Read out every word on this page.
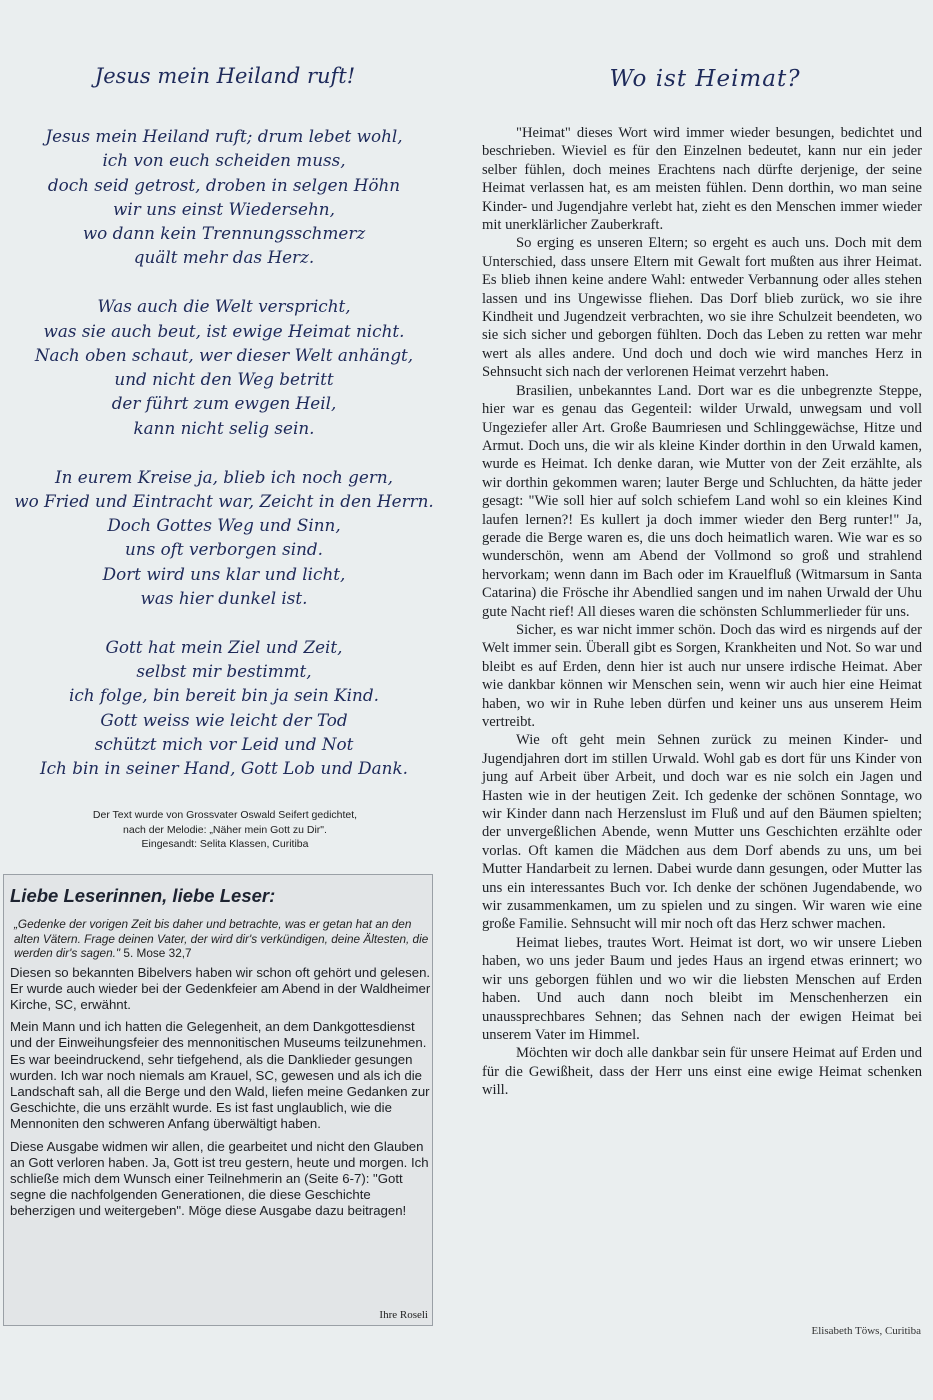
Jesus mein Heiland ruft!
Jesus mein Heiland ruft; drum lebet wohl,
ich von euch scheiden muss,
doch seid getrost, droben in selgen Höhn
wir uns einst Wiedersehn,
wo dann kein Trennungsschmerz
quält mehr das Herz.
Was auch die Welt verspricht,
was sie auch beut, ist ewige Heimat nicht.
Nach oben schaut, wer dieser Welt anhängt,
und nicht den Weg betritt
der führt zum ewgen Heil,
kann nicht selig sein.
In eurem Kreise ja, blieb ich noch gern,
wo Fried und Eintracht war, Zeicht in den Herrn.
Doch Gottes Weg und Sinn,
uns oft verborgen sind.
Dort wird uns klar und licht,
was hier dunkel ist.
Gott hat mein Ziel und Zeit,
selbst mir bestimmt,
ich folge, bin bereit bin ja sein Kind.
Gott weiss wie leicht der Tod
schützt mich vor Leid und Not
Ich bin in seiner Hand, Gott Lob und Dank.
Der Text wurde von Grossvater Oswald Seifert gedichtet,
nach der Melodie: „Näher mein Gott zu Dir".
Eingesandt: Selita Klassen, Curitiba
Liebe Leserinnen, liebe Leser:
„Gedenke der vorigen Zeit bis daher und betrachte, was er getan hat an den alten Vätern. Frage deinen Vater, der wird dir's verkündigen, deine Ältesten, die werden dir's sagen." 5. Mose 32,7

Diesen so bekannten Bibelvers haben wir schon oft gehört und gelesen. Er wurde auch wieder bei der Gedenkfeier am Abend in der Waldheimer Kirche, SC, erwähnt.

Mein Mann und ich hatten die Gelegenheit, an dem Dankgottesdienst und der Einweihungsfeier des mennonitischen Museums teilzunehmen. Es war beeindruckend, sehr tiefgehend, als die Danklieder gesungen wurden. Ich war noch niemals am Krauel, SC, gewesen und als ich die Landschaft sah, all die Berge und den Wald, liefen meine Gedanken zur Geschichte, die uns erzählt wurde. Es ist fast unglaublich, wie die Mennoniten den schweren Anfang überwältigt haben.

Diese Ausgabe widmen wir allen, die gearbeitet und nicht den Glauben an Gott verloren haben. Ja, Gott ist treu gestern, heute und morgen. Ich schließe mich dem Wunsch einer Teilnehmerin an (Seite 6-7): "Gott segne die nachfolgenden Generationen, die diese Geschichte beherzigen und weitergeben". Möge diese Ausgabe dazu beitragen!

Ihre Roseli
Wo ist Heimat?

"Heimat" dieses Wort wird immer wieder besungen, bedichtet und beschrieben. Wieviel es für den Einzelnen bedeutet, kann nur ein jeder selber fühlen, doch meines Erachtens nach dürfte derjenige, der seine Heimat verlassen hat, es am meisten fühlen. Denn dorthin, wo man seine Kinder- und Jugendjahre verlebt hat, zieht es den Menschen immer wieder mit unerklärlicher Zauberkraft.

So erging es unseren Eltern; so ergeht es auch uns. Doch mit dem Unterschied, dass unsere Eltern mit Gewalt fort mußten aus ihrer Heimat. Es blieb ihnen keine andere Wahl: entweder Verbannung oder alles stehen lassen und ins Ungewisse fliehen. Das Dorf blieb zurück, wo sie ihre Kindheit und Jugendzeit verbrachten, wo sie ihre Schulzeit beendeten, wo sie sich sicher und geborgen fühlten. Doch das Leben zu retten war mehr wert als alles andere. Und doch und doch wie wird manches Herz in Sehnsucht sich nach der verlorenen Heimat verzehrt haben.

Brasilien, unbekanntes Land. Dort war es die unbegrenzte Steppe, hier war es genau das Gegenteil: wilder Urwald, unwegsam und voll Ungeziefer aller Art. Große Baumriesen und Schlinggewächse, Hitze und Armut. Doch uns, die wir als kleine Kinder dorthin in den Urwald kamen, wurde es Heimat. Ich denke daran, wie Mutter von der Zeit erzählte, als wir dorthin gekommen waren; lauter Berge und Schluchten, da hätte jeder gesagt: "Wie soll hier auf solch schiefem Land wohl so ein kleines Kind laufen lernen?! Es kullert ja doch immer wieder den Berg runter!" Ja, gerade die Berge waren es, die uns doch heimatlich waren. Wie war es so wunderschön, wenn am Abend der Vollmond so groß und strahlend hervorkam; wenn dann im Bach oder im Krauelfluß (Witmarsum in Santa Catarina) die Frösche ihr Abendlied sangen und im nahen Urwald der Uhu gute Nacht rief! All dieses waren die schönsten Schlummerlieder für uns.

Sicher, es war nicht immer schön. Doch das wird es nirgends auf der Welt immer sein. Überall gibt es Sorgen, Krankheiten und Not. So war und bleibt es auf Erden, denn hier ist auch nur unsere irdische Heimat. Aber wie dankbar können wir Menschen sein, wenn wir auch hier eine Heimat haben, wo wir in Ruhe leben dürfen und keiner uns aus unserem Heim vertreibt.

Wie oft geht mein Sehnen zurück zu meinen Kinder- und Jugendjahren dort im stillen Urwald. Wohl gab es dort für uns Kinder von jung auf Arbeit über Arbeit, und doch war es nie solch ein Jagen und Hasten wie in der heutigen Zeit. Ich gedenke der schönen Sonntage, wo wir Kinder dann nach Herzenslust im Fluß und auf den Bäumen spielten; der unvergeßlichen Abende, wenn Mutter uns Geschichten erzählte oder vorlas. Oft kamen die Mädchen aus dem Dorf abends zu uns, um bei Mutter Handarbeit zu lernen. Dabei wurde dann gesungen, oder Mutter las uns ein interessantes Buch vor. Ich denke der schönen Jugendabende, wo wir zusammenkamen, um zu spielen und zu singen. Wir waren wie eine große Familie. Sehnsucht will mir noch oft das Herz schwer machen.

Heimat liebes, trautes Wort. Heimat ist dort, wo wir unsere Lieben haben, wo uns jeder Baum und jedes Haus an irgend etwas erinnert; wo wir uns geborgen fühlen und wo wir die liebsten Menschen auf Erden haben. Und auch dann noch bleibt im Menschenherzen ein unaussprechbares Sehnen; das Sehnen nach der ewigen Heimat bei unserem Vater im Himmel.

Möchten wir doch alle dankbar sein für unsere Heimat auf Erden und für die Gewißheit, dass der Herr uns einst eine ewige Heimat schenken will.

Elisabeth Töws, Curitiba
